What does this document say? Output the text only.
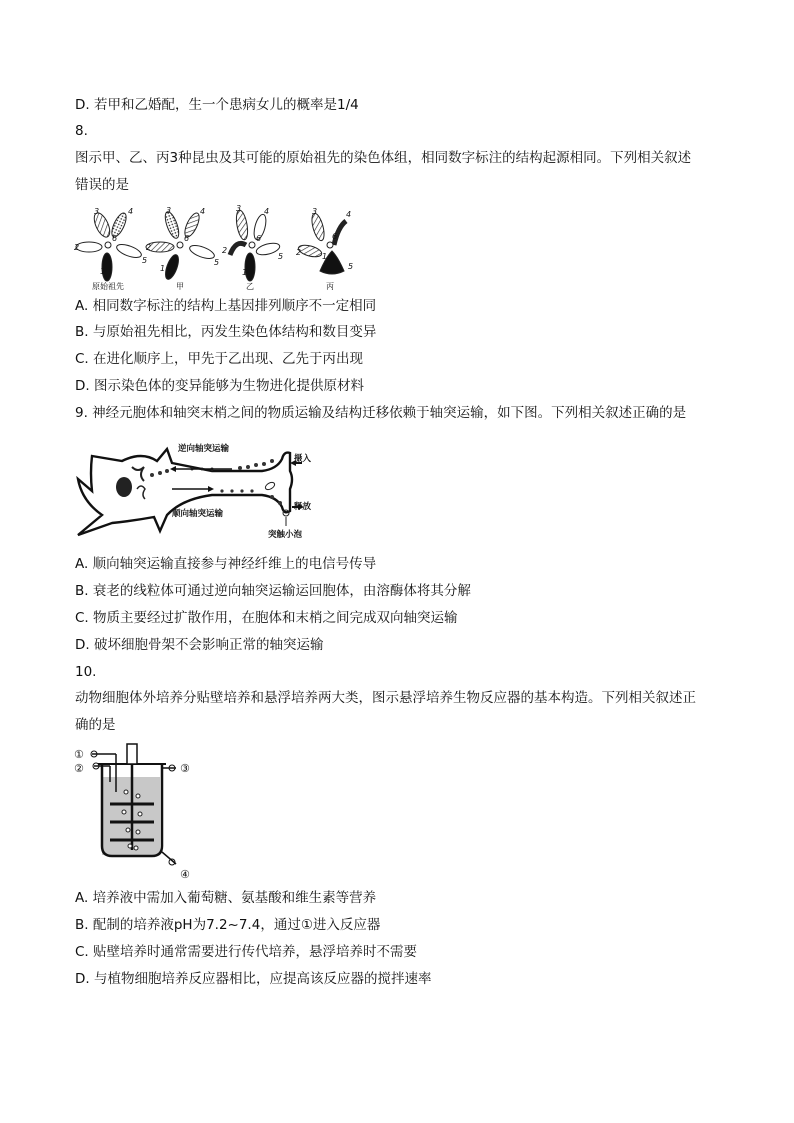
D. 若甲和乙婚配，生一个患病女儿的概率是1/4
8.
图示甲、乙、丙3种昆虫及其可能的原始祖先的染色体组，相同数字标注的结构起源相同。下列相关叙述
错误的是
3	4
2
5
1
6
3	4
2
5
1
6
3	4
2
5
1
6
3	4
2
5
1
6
原始祖先	甲	乙	丙
A. 相同数字标注的结构上基因排列顺序不一定相同
B. 与原始祖先相比，丙发生染色体结构和数目变异
C. 在进化顺序上，甲先于乙出现、乙先于丙出现
D. 图示染色体的变异能够为生物进化提供原材料
9. 神经元胞体和轴突末梢之间的物质运输及结构迁移依赖于轴突运输，如下图。下列相关叙述正确的是
逆向轴突运输
顺向轴突运输
摄入
释放
突触小泡
A. 顺向轴突运输直接参与神经纤维上的电信号传导
B. 衰老的线粒体可通过逆向轴突运输运回胞体，由溶酶体将其分解
C. 物质主要经过扩散作用，在胞体和末梢之间完成双向轴突运输
D. 破坏细胞骨架不会影响正常的轴突运输
10.
动物细胞体外培养分贴壁培养和悬浮培养两大类，图示悬浮培养生物反应器的基本构造。下列相关叙述正
确的是
①
②	③
④
A. 培养液中需加入葡萄糖、氨基酸和维生素等营养
B. 配制的培养液pH为7.2~7.4，通过①进入反应器
C. 贴壁培养时通常需要进行传代培养，悬浮培养时不需要
D. 与植物细胞培养反应器相比，应提高该反应器的搅拌速率
